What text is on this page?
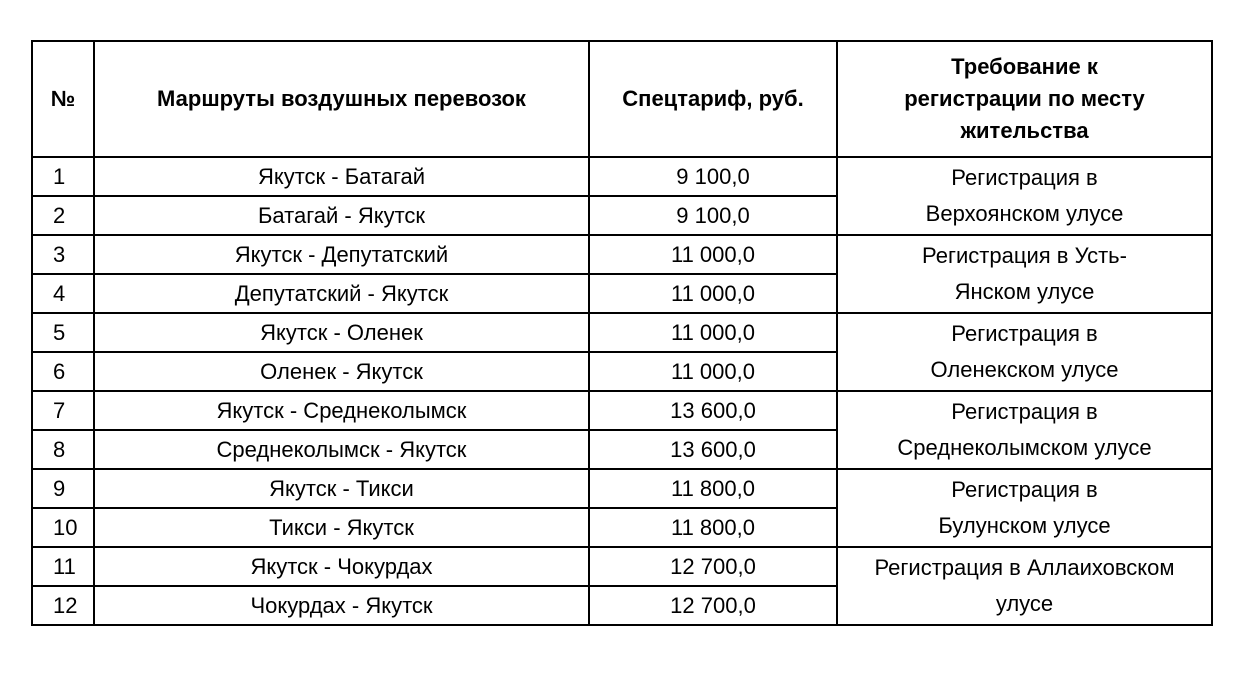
№	Маршруты воздушных перевозок	Спецтариф, руб.	Требование к регистрации по месту жительства
1	Якутск - Батагай	9 100,0	Регистрация в Верхоянском улусе
2	Батагай - Якутск	9 100,0	
3	Якутск - Депутатский	11 000,0	Регистрация в Усть-Янском улусе
4	Депутатский - Якутск	11 000,0	
5	Якутск - Оленек	11 000,0	Регистрация в Оленекском улусе
6	Оленек - Якутск	11 000,0	
7	Якутск - Среднеколымск	13 600,0	Регистрация в Среднеколымском улусе
8	Среднеколымск - Якутск	13 600,0	
9	Якутск - Тикси	11 800,0	Регистрация в Булунском улусе
10	Тикси - Якутск	11 800,0	
11	Якутск - Чокурдах	12 700,0	Регистрация в Аллаиховском улусе
12	Чокурдах - Якутск	12 700,0	
